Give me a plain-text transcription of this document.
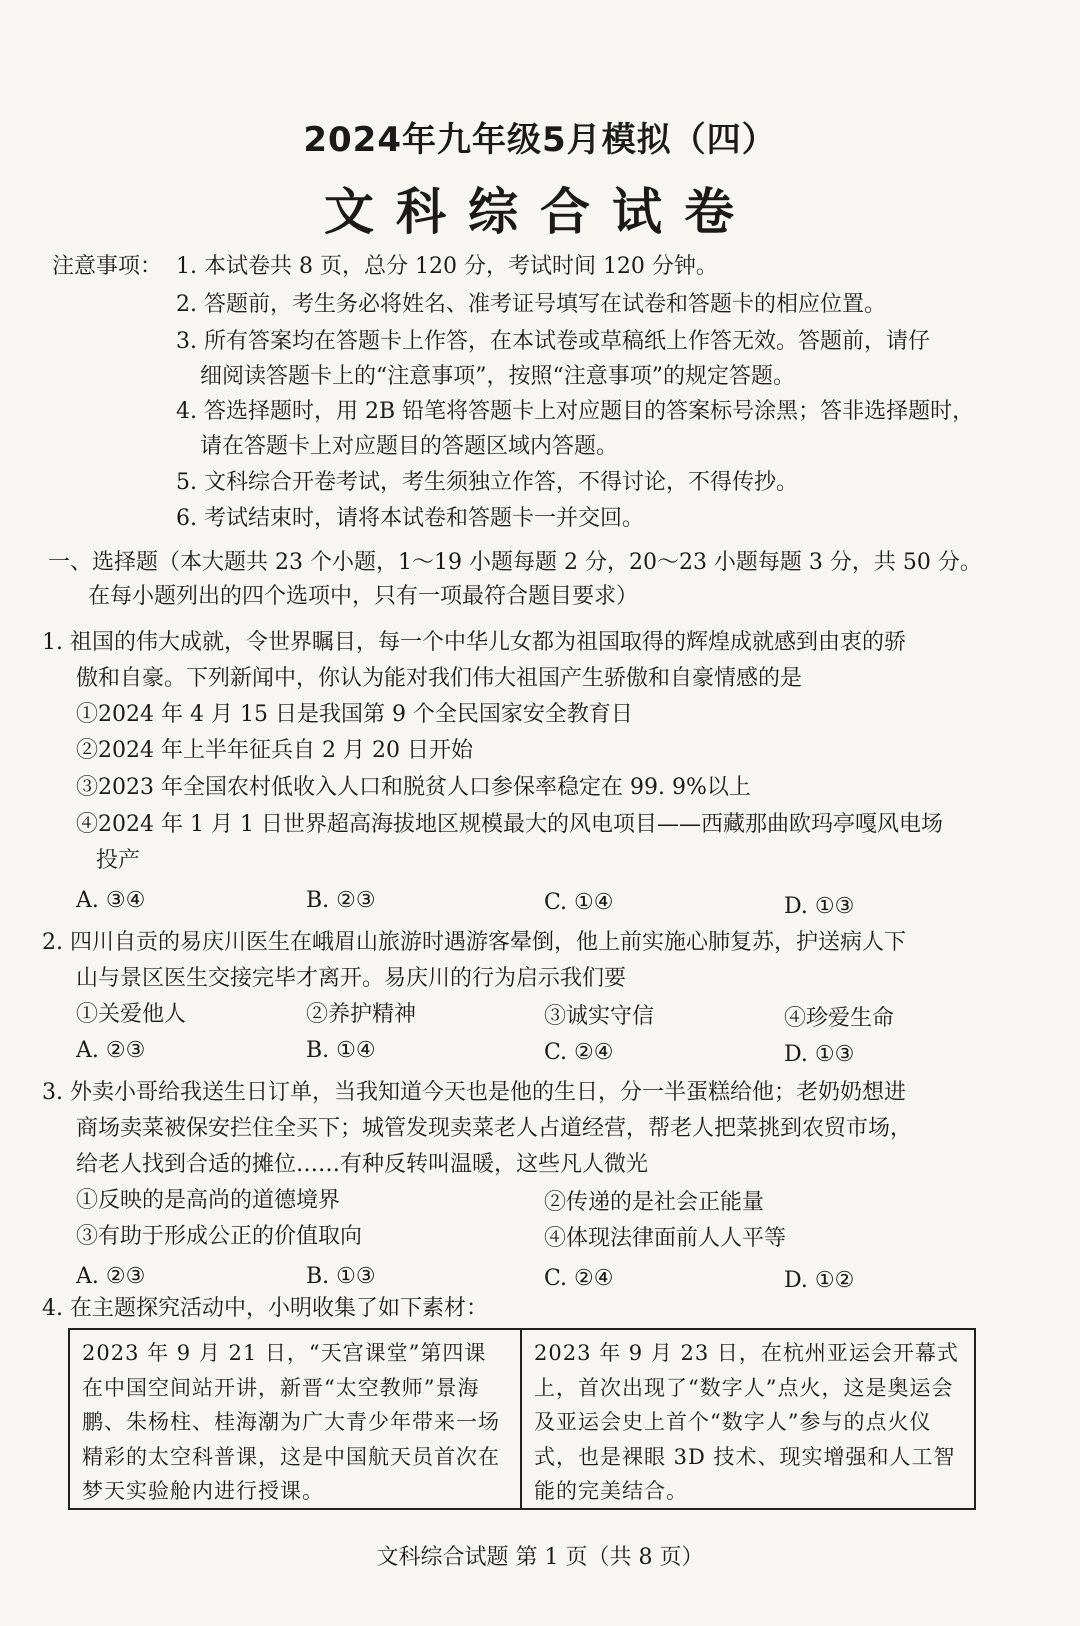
2024年九年级5月模拟（四）
文科综合试卷
注意事项： 1. 本试卷共 8 页，总分 120 分，考试时间 120 分钟。
2. 答题前，考生务必将姓名、准考证号填写在试卷和答题卡的相应位置。
3. 所有答案均在答题卡上作答，在本试卷或草稿纸上作答无效。答题前，请仔
细阅读答题卡上的“注意事项”，按照“注意事项”的规定答题。
4. 答选择题时，用 2B 铅笔将答题卡上对应题目的答案标号涂黑；答非选择题时，
请在答题卡上对应题目的答题区域内答题。
5. 文科综合开卷考试，考生须独立作答，不得讨论，不得传抄。
6. 考试结束时，请将本试卷和答题卡一并交回。
一、选择题（本大题共 23 个小题，1～19 小题每题 2 分，20～23 小题每题 3 分，共 50 分。
在每小题列出的四个选项中，只有一项最符合题目要求）
1. 祖国的伟大成就，令世界瞩目，每一个中华儿女都为祖国取得的辉煌成就感到由衷的骄
傲和自豪。下列新闻中，你认为能对我们伟大祖国产生骄傲和自豪情感的是
①2024 年 4 月 15 日是我国第 9 个全民国家安全教育日
②2024 年上半年征兵自 2 月 20 日开始
③2023 年全国农村低收入人口和脱贫人口参保率稳定在 99. 9%以上
④2024 年 1 月 1 日世界超高海拔地区规模最大的风电项目——西藏那曲欧玛亭嘎风电场
投产
A. ③④	B. ②③	C. ①④	D. ①③
2. 四川自贡的易庆川医生在峨眉山旅游时遇游客晕倒，他上前实施心肺复苏，护送病人下
山与景区医生交接完毕才离开。易庆川的行为启示我们要
①关爱他人	②养护精神	③诚实守信	④珍爱生命
A. ②③	B. ①④	C. ②④	D. ①③
3. 外卖小哥给我送生日订单，当我知道今天也是他的生日，分一半蛋糕给他；老奶奶想进
商场卖菜被保安拦住全买下；城管发现卖菜老人占道经营，帮老人把菜挑到农贸市场，
给老人找到合适的摊位……有种反转叫温暖，这些凡人微光
①反映的是高尚的道德境界	②传递的是社会正能量
③有助于形成公正的价值取向	④体现法律面前人人平等
A. ②③	B. ①③	C. ②④	D. ①②
4. 在主题探究活动中，小明收集了如下素材：

2023 年 9 月 21 日，“天宫课堂”第四课在中国空间站开讲，新晋“太空教师”景海鹏、朱杨柱、桂海潮为广大青少年带来一场精彩的太空科普课，这是中国航天员首次在梦天实验舱内进行授课。

2023 年 9 月 23 日，在杭州亚运会开幕式上，首次出现了“数字人”点火，这是奥运会及亚运会史上首个“数字人”参与的点火仪式，也是裸眼 3D 技术、现实增强和人工智能的完美结合。

文科综合试题 第 1 页（共 8 页）
